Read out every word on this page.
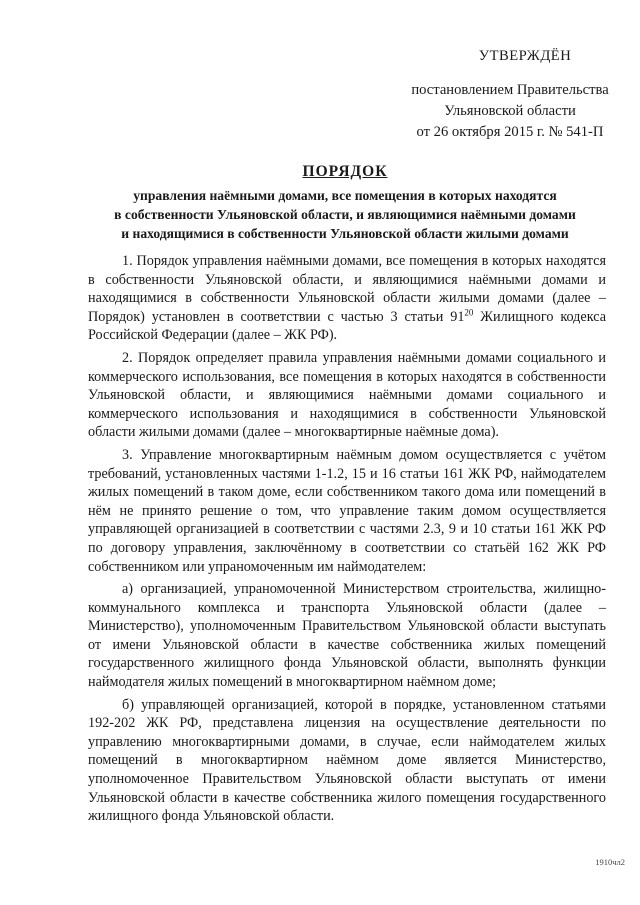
УТВЕРЖДЁН
постановлением Правительства
Ульяновской области
от 26 октября 2015 г. № 541-П
ПОРЯДОК
управления наёмными домами, все помещения в которых находятся
в собственности Ульяновской области, и являющимися наёмными домами
и находящимися в собственности Ульяновской области жилыми домами

1. Порядок управления наёмными домами, все помещения в которых находятся в собственности Ульяновской области, и являющимися наёмными домами и находящимися в собственности Ульяновской области жилыми домами (далее – Порядок) установлен в соответствии с частью 3 статьи $91^{20}$ Жилищного кодекса Российской Федерации (далее – ЖК РФ).

2. Порядок определяет правила управления наёмными домами социального и коммерческого использования, все помещения в которых находятся в собственности Ульяновской области, и являющимися наёмными домами социального и коммерческого использования и находящимися в собственности Ульяновской области жилыми домами (далее – многоквартирные наёмные дома).

3. Управление многоквартирным наёмным домом осуществляется с учётом требований, установленных частями 1-1.2, 15 и 16 статьи 161 ЖК РФ, наймодателем жилых помещений в таком доме, если собственником такого дома или помещений в нём не принято решение о том, что управление таким домом осуществляется управляющей организацией в соответствии с частями 2.3, 9 и 10 статьи 161 ЖК РФ по договору управления, заключённому в соответствии со статьёй 162 ЖК РФ собственником или упраномоченным им наймодателем:

а) организацией, упраномоченной Министерством строительства, жилищно-коммунального комплекса и транспорта Ульяновской области (далее – Министерство), уполномоченным Правительством Ульяновской области выступать от имени Ульяновской области в качестве собственника жилых помещений государственного жилищного фонда Ульяновской области, выполнять функции наймодателя жилых помещений в многоквартирном наёмном доме;

б) управляющей организацией, которой в порядке, установленном статьями 192-202 ЖК РФ, представлена лицензия на осуществление деятельности по управлению многоквартирными домами, в случае, если наймодателем жилых помещений в многоквартирном наёмном доме является Министерство, уполномоченное Правительством Ульяновской области выступать от имени Ульяновской области в качестве собственника жилого помещения государственного жилищного фонда Ульяновской области.

1910чл2
